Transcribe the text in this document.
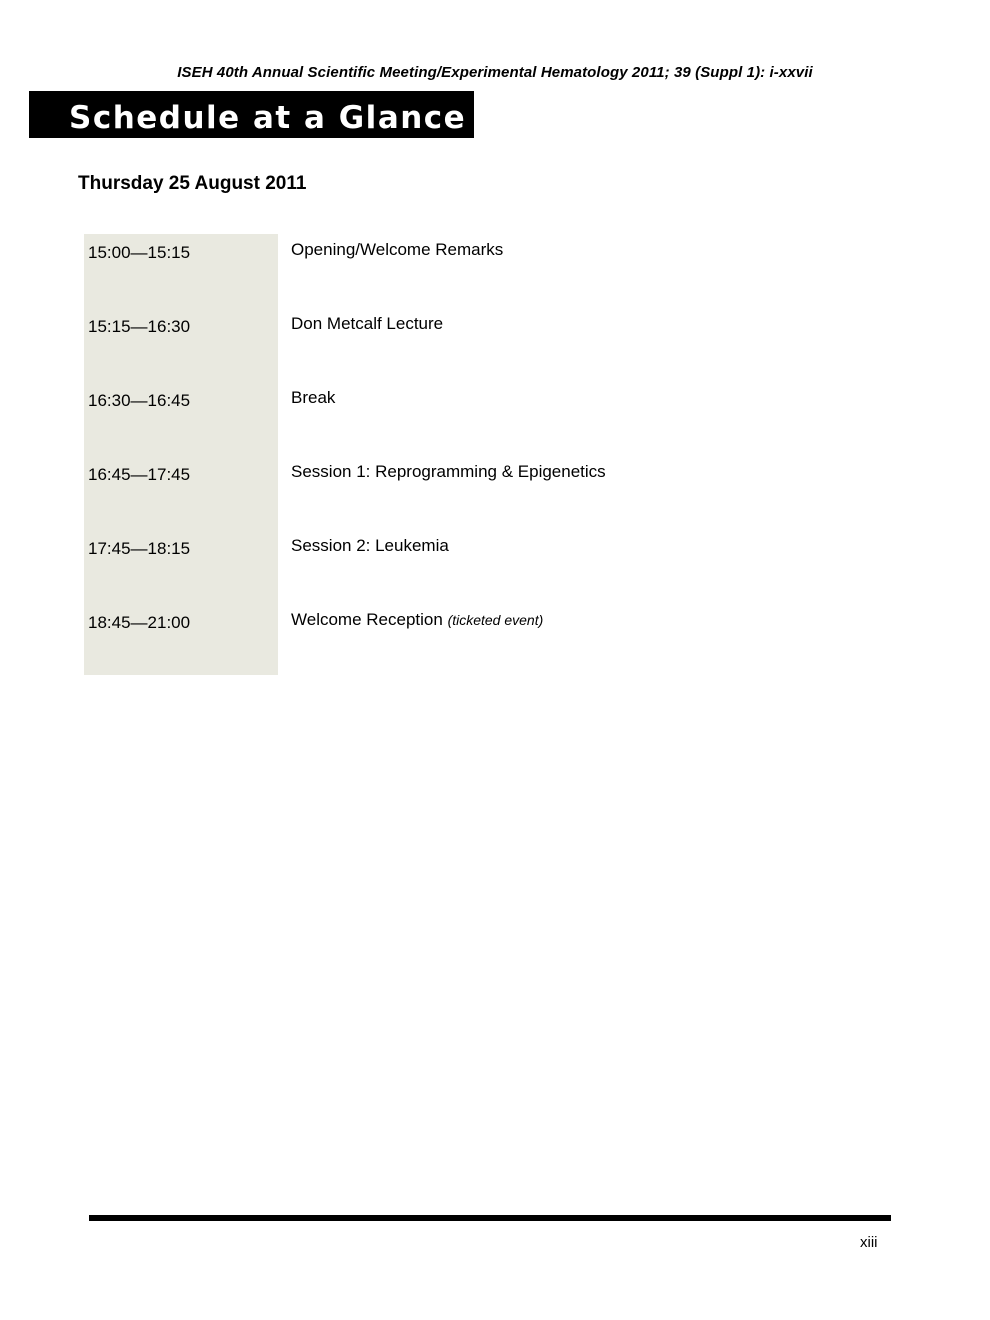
ISEH 40th Annual Scientific Meeting/Experimental Hematology 2011; 39 (Suppl 1): i-xxvii
Schedule at a Glance
Thursday 25 August 2011
15:00—15:15	Opening/Welcome Remarks
15:15—16:30	Don Metcalf Lecture
16:30—16:45	Break
16:45—17:45	Session 1: Reprogramming & Epigenetics
17:45—18:15	Session 2: Leukemia
18:45—21:00	Welcome Reception (ticketed event)
xiii
